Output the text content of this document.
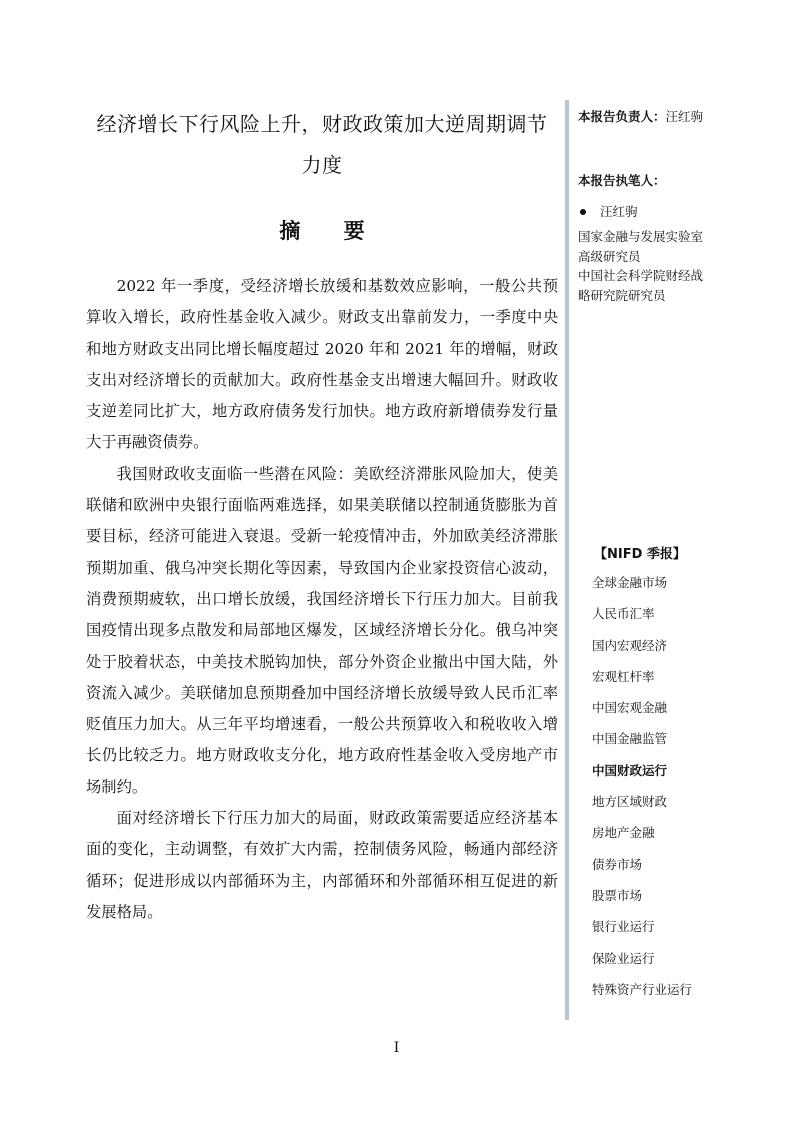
经济增长下行风险上升，财政政策加大逆周期调节
力度
摘 要

2022 年一季度，受经济增长放缓和基数效应影响，一般公共预算收入增长，政府性基金收入减少。财政支出靠前发力，一季度中央和地方财政支出同比增长幅度超过 2020 年和 2021 年的增幅，财政支出对经济增长的贡献加大。政府性基金支出增速大幅回升。财政收支逆差同比扩大，地方政府债务发行加快。地方政府新增债券发行量大于再融资债券。

我国财政收支面临一些潜在风险：美欧经济滞胀风险加大，使美联储和欧洲中央银行面临两难选择，如果美联储以控制通货膨胀为首要目标，经济可能进入衰退。受新一轮疫情冲击，外加欧美经济滞胀预期加重、俄乌冲突长期化等因素，导致国内企业家投资信心波动，消费预期疲软，出口增长放缓，我国经济增长下行压力加大。目前我国疫情出现多点散发和局部地区爆发，区域经济增长分化。俄乌冲突处于胶着状态，中美技术脱钩加快，部分外资企业撤出中国大陆，外资流入减少。美联储加息预期叠加中国经济增长放缓导致人民币汇率贬值压力加大。从三年平均增速看，一般公共预算收入和税收收入增长仍比较乏力。地方财政收支分化，地方政府性基金收入受房地产市场制约。

面对经济增长下行压力加大的局面，财政政策需要适应经济基本面的变化，主动调整，有效扩大内需，控制债务风险，畅通内部经济循环；促进形成以内部循环为主，内部循环和外部循环相互促进的新发展格局。

本报告负责人：汪红驹
本报告执笔人：
汪红驹
国家金融与发展实验室
高级研究员
中国社会科学院财经战
略研究院研究员
【NIFD 季报】
全球金融市场
人民币汇率
国内宏观经济
宏观杠杆率
中国宏观金融
中国金融监管
中国财政运行
地方区域财政
房地产金融
债券市场
股票市场
银行业运行
保险业运行
特殊资产行业运行
I
